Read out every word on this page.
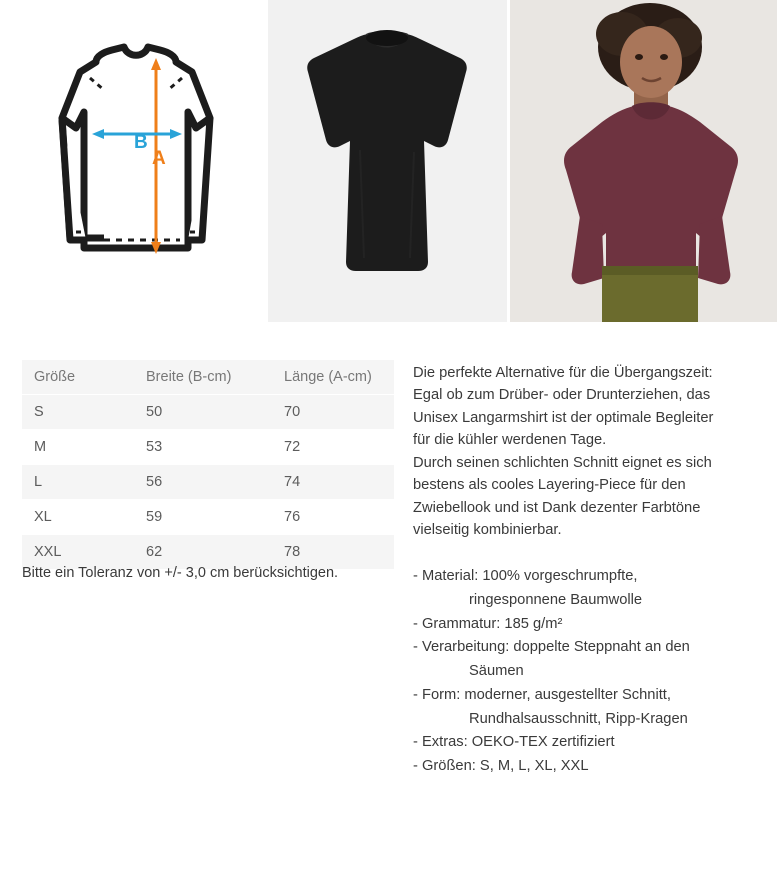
B
A
Größe	Breite (B-cm)	Länge (A-cm)
S	50	70
M	53	72
L	56	74
XL	59	76
XXL	62	78
Bitte ein Toleranz von +/- 3,0 cm berücksichtigen.

Die perfekte Alternative für die Übergangszeit:

Egal ob zum Drüber- oder Drunterziehen, das

Unisex Langarmshirt ist der optimale Begleiter

für die kühler werdenen Tage.

Durch seinen schlichten Schnitt eignet es sich

bestens als cooles Layering-Piece für den

Zwiebellook und ist Dank dezenter Farbtöne

vielseitig kombinierbar.

- Material: 100% vorgeschrumpfte,

ringesponnene Baumwolle

- Grammatur: 185 g/m²

- Verarbeitung: doppelte Steppnaht an den

Säumen

- Form: moderner, ausgestellter Schnitt,

Rundhalsausschnitt, Ripp-Kragen

- Extras: OEKO-TEX zertifiziert

- Größen: S, M, L, XL, XXL
